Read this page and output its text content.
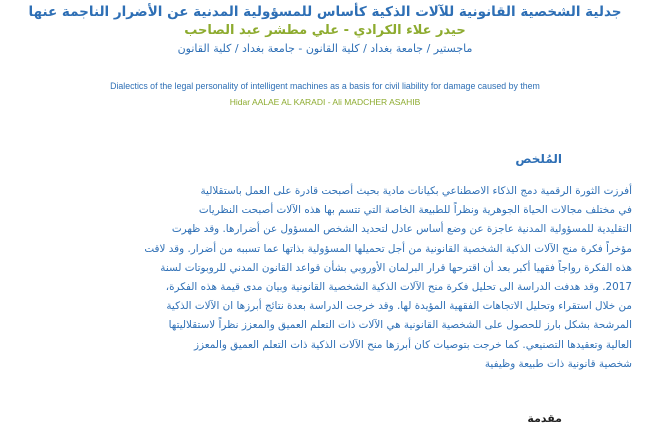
جدلية الشخصية القانونية للآلات الذكية كأساس للمسؤولية المدنية عن الأضرار الناجمة عنها
حيدر علاء الكرادي - علي مطشر عبد الصاحب
ماجستير / جامعة بغداد / كلية القانون - جامعة بغداد / كلية القانون
Dialectics of the legal personality of intelligent machines as a basis for civil liability for damage caused by them
Hidar AALAE AL KARADI - Ali MADCHER ASAHIB
المُلخص
أفرزت الثورة الرقمية دمج الذكاء الاصطناعي بكيانات مادية بحيث أصبحت قادرة على العمل باستقلالية
في مختلف مجالات الحياة الجوهرية ونظراً للطبيعة الخاصة التي تتسم بها هذه الآلات أصبحت النظريات
التقليدية للمسؤولية المدنية عاجزة عن وضع أساس عادل لتحديد الشخص المسؤول عن أضرارها. وقد ظهرت
مؤخراً فكرة منح الآلات الذكية الشخصية القانونية من أجل تحميلها المسؤولية بذاتها عما تسببه من أضرار. وقد لاقت
هذه الفكرة رواجاً فقهيا أكبر بعد أن اقترحها قرار البرلمان الأوروبي بشأن قواعد القانون المدني للروبوتات لسنة
2017. وقد هدفت الدراسة الى تحليل فكرة منح الآلات الذكية الشخصية القانونية وبيان مدى قيمة هذه الفكرة،
من خلال استقراء وتحليل الاتجاهات الفقهية المؤيدة لها. وقد خرجت الدراسة بعدة نتائج أبرزها ان الآلات الذكية
المرشحة بشكل بارز للحصول على الشخصية القانونية هي الآلات ذات التعلم العميق والمعزز نظراً لاستقلاليتها
العالية وتعقيدها التصنيعي. كما خرجت بتوصيات كان أبرزها منح الآلات الذكية ذات التعلم العميق والمعزز
شخصية قانونية ذات طبيعة وظيفية
مقدمة
